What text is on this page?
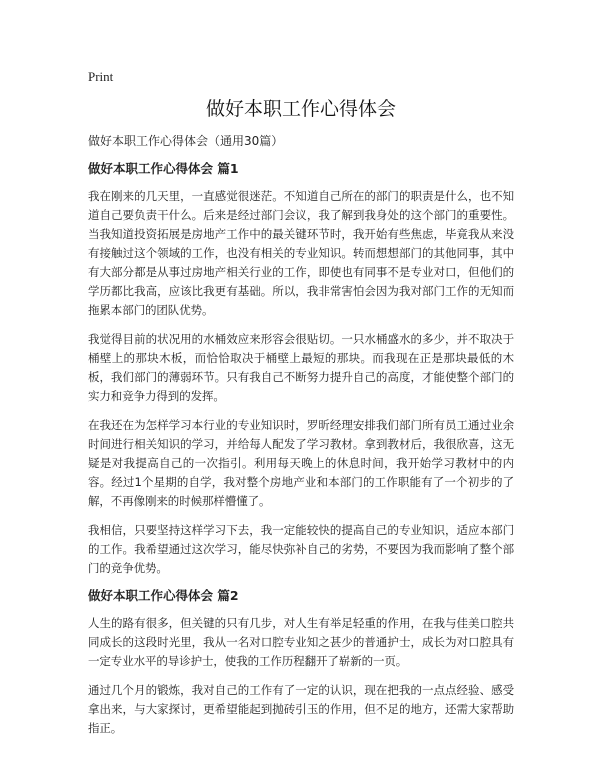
Print
做好本职工作心得体会

做好本职工作心得体会（通用30篇）

做好本职工作心得体会 篇1

我在刚来的几天里，一直感觉很迷茫。不知道自己所在的部门的职责是什么，也不知道自己要负责干什么。后来是经过部门会议，我了解到我身处的这个部门的重要性。当我知道投资拓展是房地产工作中的最关键环节时，我开始有些焦虑，毕竟我从来没有接触过这个领域的工作，也没有相关的专业知识。转而想想部门的其他同事，其中有大部分都是从事过房地产相关行业的工作，即使也有同事不是专业对口，但他们的学历都比我高，应该比我更有基础。所以，我非常害怕会因为我对部门工作的无知而拖累本部门的团队优势。

我觉得目前的状况用的水桶效应来形容会很贴切。一只水桶盛水的多少，并不取决于桶壁上的那块木板，而恰恰取决于桶壁上最短的那块。而我现在正是那块最低的木板，我们部门的薄弱环节。只有我自己不断努力提升自己的高度，才能使整个部门的实力和竞争力得到的发挥。

在我还在为怎样学习本行业的专业知识时，罗昕经理安排我们部门所有员工通过业余时间进行相关知识的学习，并给每人配发了学习教材。拿到教材后，我很欣喜，这无疑是对我提高自己的一次指引。利用每天晚上的休息时间，我开始学习教材中的内容。经过1个星期的自学，我对整个房地产业和本部门的工作职能有了一个初步的了解，不再像刚来的时候那样懵懂了。

我相信，只要坚持这样学习下去，我一定能较快的提高自己的专业知识，适应本部门的工作。我希望通过这次学习，能尽快弥补自己的劣势，不要因为我而影响了整个部门的竞争优势。

做好本职工作心得体会 篇2

人生的路有很多，但关键的只有几步，对人生有举足轻重的作用，在我与佳美口腔共同成长的这段时光里，我从一名对口腔专业知之甚少的普通护士，成长为对口腔具有一定专业水平的导诊护士，使我的工作历程翻开了崭新的一页。

通过几个月的锻炼，我对自己的工作有了一定的认识，现在把我的一点点经验、感受拿出来，与大家探讨，更希望能起到抛砖引玉的作用，但不足的地方，还需大家帮助指正。
